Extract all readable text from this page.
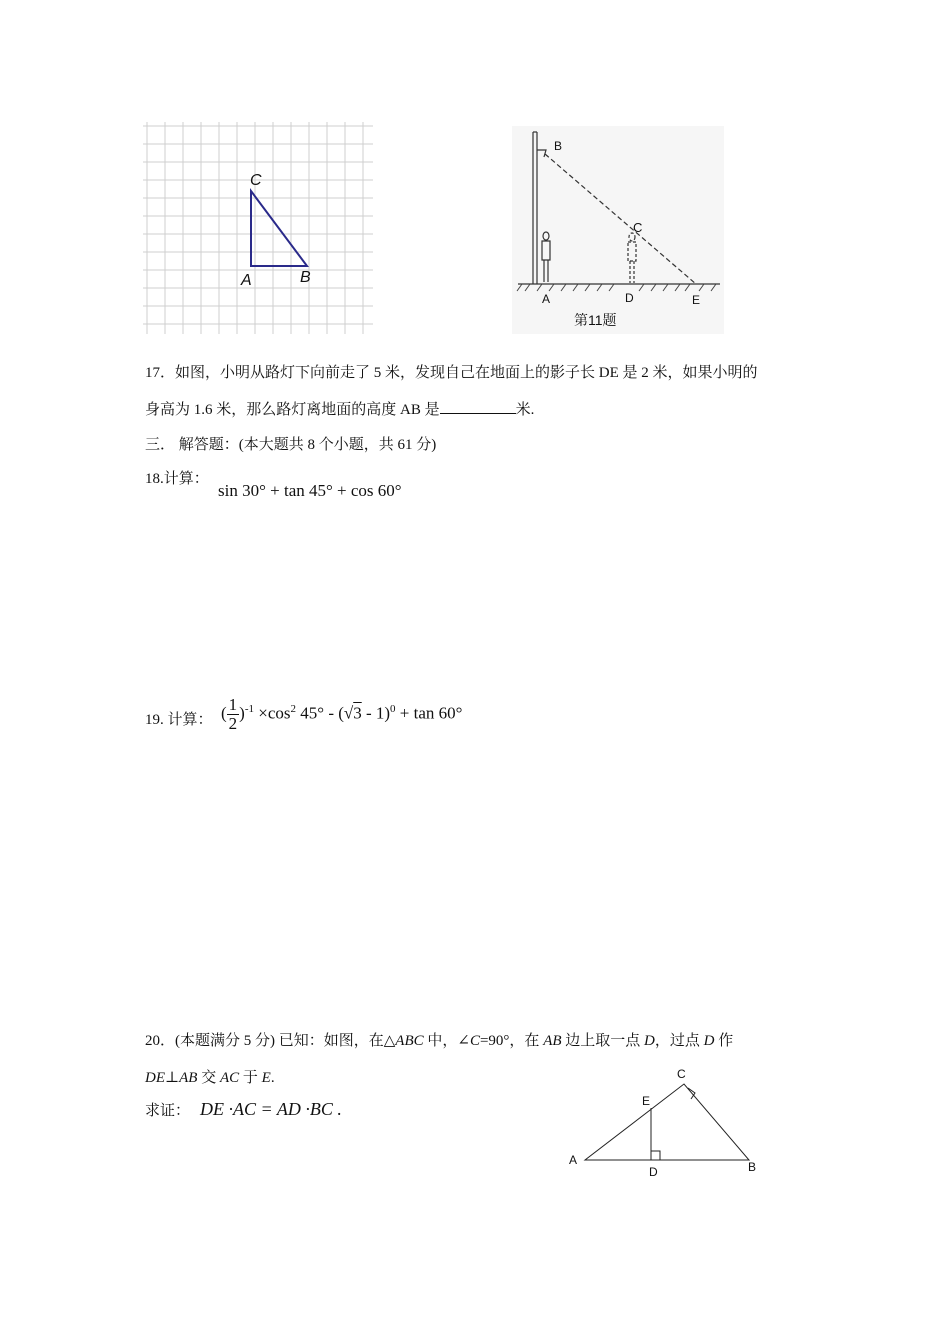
C
A	B
B
C
A	D	E
第11题
17．如图，小明从路灯下向前走了 5 米，发现自己在地面上的影子长 DE 是 2 米，如果小明的
身高为 1.6 米，那么路灯离地面的高度 AB 是	米.
三． 解答题：(本大题共 8 个小题，共 61 分)
18.计算：
sin 30° + tan 45° + cos 60°
19. 计算： ( $\frac{1}{2} )^{-1} \times\cos^2$ 45° - (√3 - 1)$^0$ + tan 60°
20．(本题满分 5 分) 已知：如图，在△ABC 中，∠C=90°，在 AB 边上取一点 D，过点 D 作
DE⊥AB 交 AC 于 E.
求证： DE ·AC = AD ·BC .
A	B
C
D
E
